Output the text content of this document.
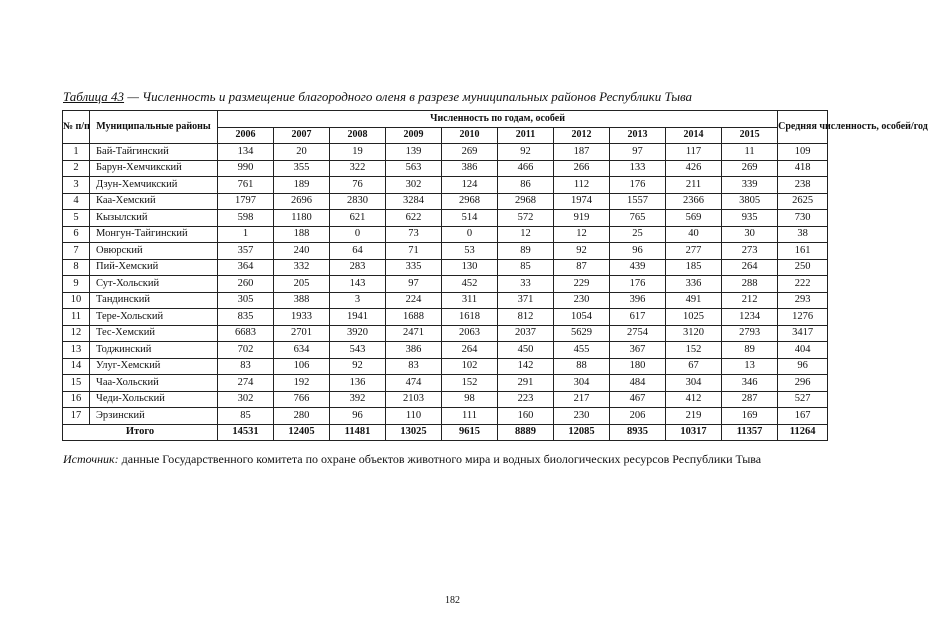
Таблица 43 — Численность и размещение благородного оленя в разрезе муниципальных районов Республики Тыва
№ п/п	Муниципальные районы	Численность по годам, особей										Средняя численность, особей/год
		2006	2007	2008	2009	2010	2011	2012	2013	2014	2015	
1	Бай-Тайгинский	134	20	19	139	269	92	187	97	117	11	109
2	Барун-Хемчикский	990	355	322	563	386	466	266	133	426	269	418
3	Дзун-Хемчикский	761	189	76	302	124	86	112	176	211	339	238
4	Каа-Хемский	1797	2696	2830	3284	2968	2968	1974	1557	2366	3805	2625
5	Кызылский	598	1180	621	622	514	572	919	765	569	935	730
6	Монгун-Тайгинский	1	188	0	73	0	12	12	25	40	30	38
7	Овюрский	357	240	64	71	53	89	92	96	277	273	161
8	Пий-Хемский	364	332	283	335	130	85	87	439	185	264	250
9	Сут-Хольский	260	205	143	97	452	33	229	176	336	288	222
10	Тандинский	305	388	3	224	311	371	230	396	491	212	293
11	Тере-Хольский	835	1933	1941	1688	1618	812	1054	617	1025	1234	1276
12	Тес-Хемский	6683	2701	3920	2471	2063	2037	5629	2754	3120	2793	3417
13	Тоджинский	702	634	543	386	264	450	455	367	152	89	404
14	Улуг-Хемский	83	106	92	83	102	142	88	180	67	13	96
15	Чаа-Хольский	274	192	136	474	152	291	304	484	304	346	296
16	Чеди-Хольский	302	766	392	2103	98	223	217	467	412	287	527
17	Эрзинский	85	280	96	110	111	160	230	206	219	169	167
Итого		14531	12405	11481	13025	9615	8889	12085	8935	10317	11357	11264
Источник: данные Государственного комитета по охране объектов животного мира и водных биологических ресурсов Республики Тыва
182
